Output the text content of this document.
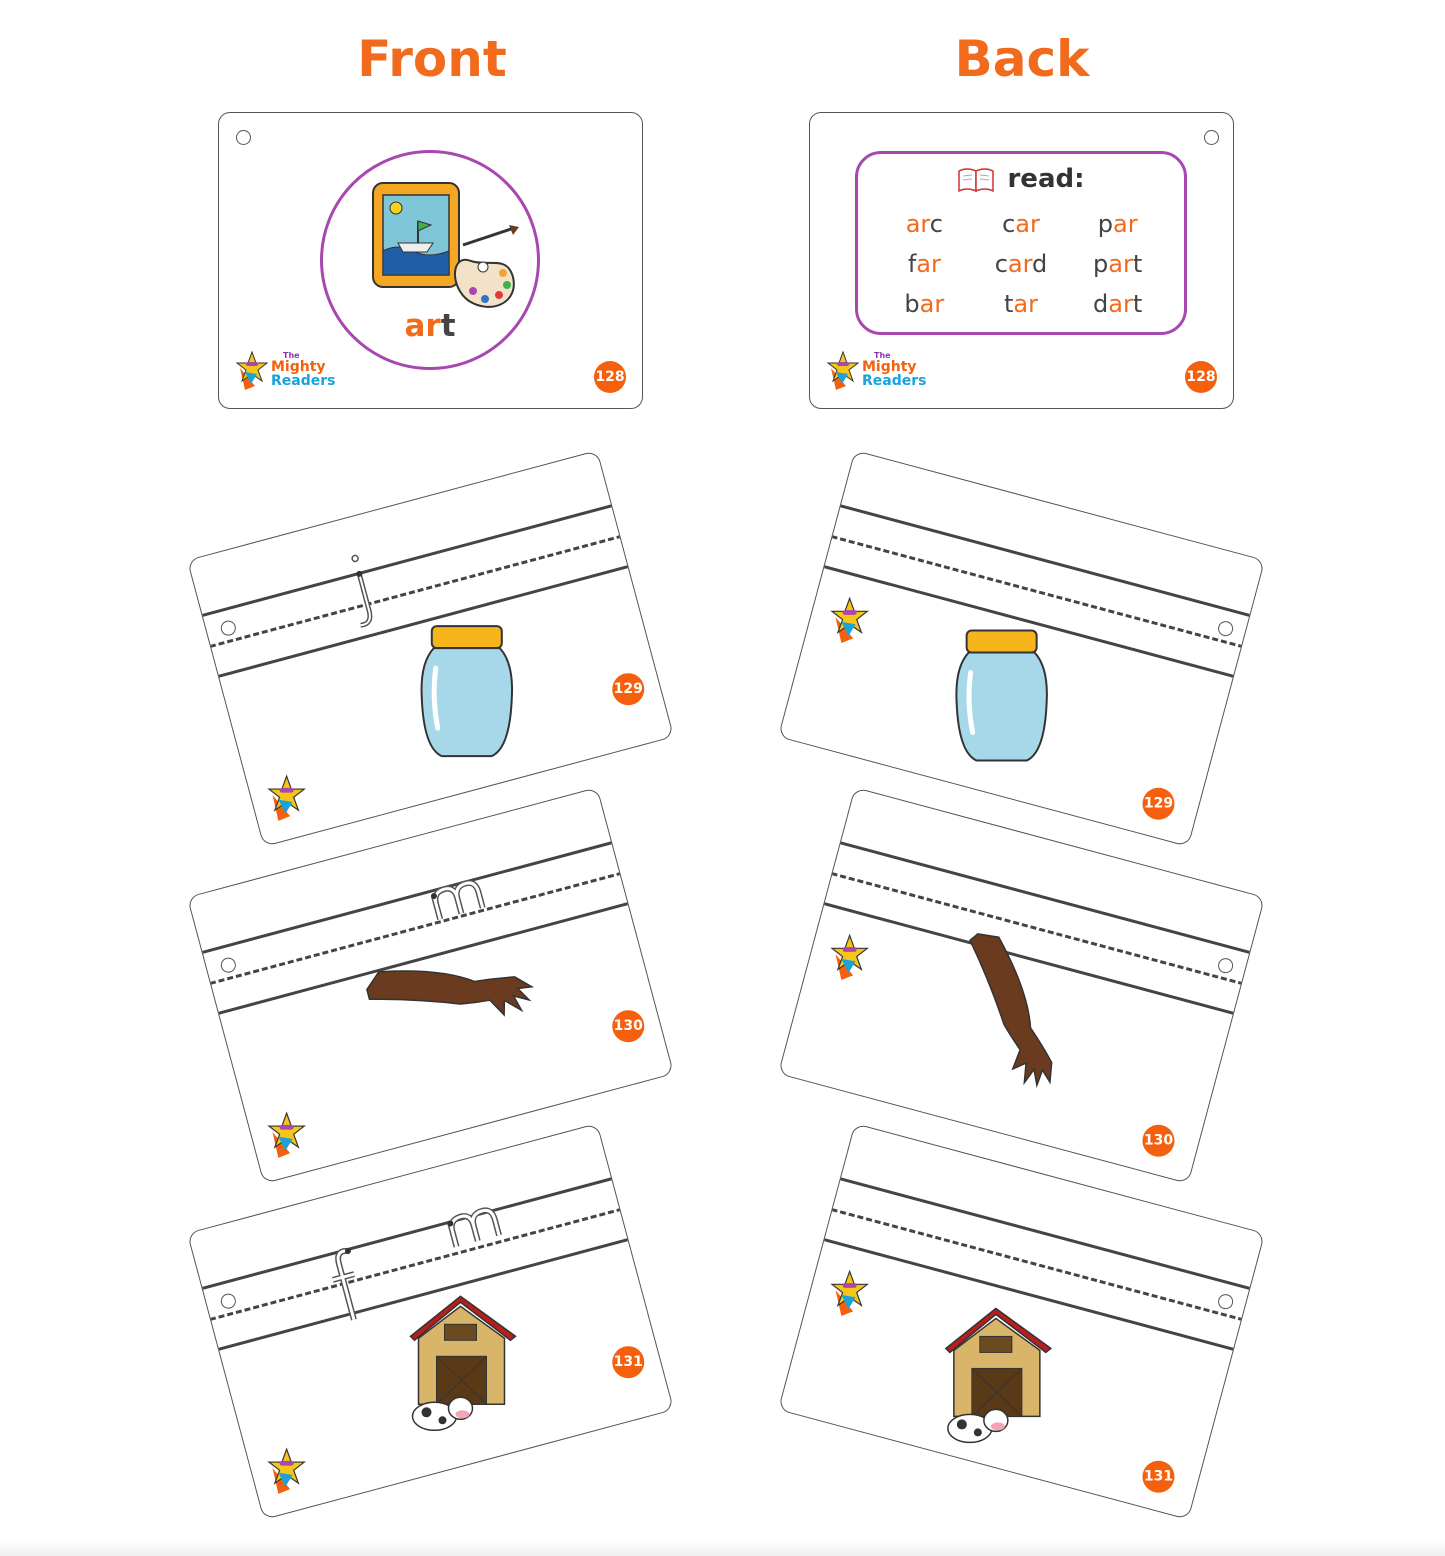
Front	Back
art
The
Mighty
Readers	128
read:
arc	car	par
far	card	part
bar	tar	dart
The
Mighty
Readers	128
129
129
130
130
131
131
